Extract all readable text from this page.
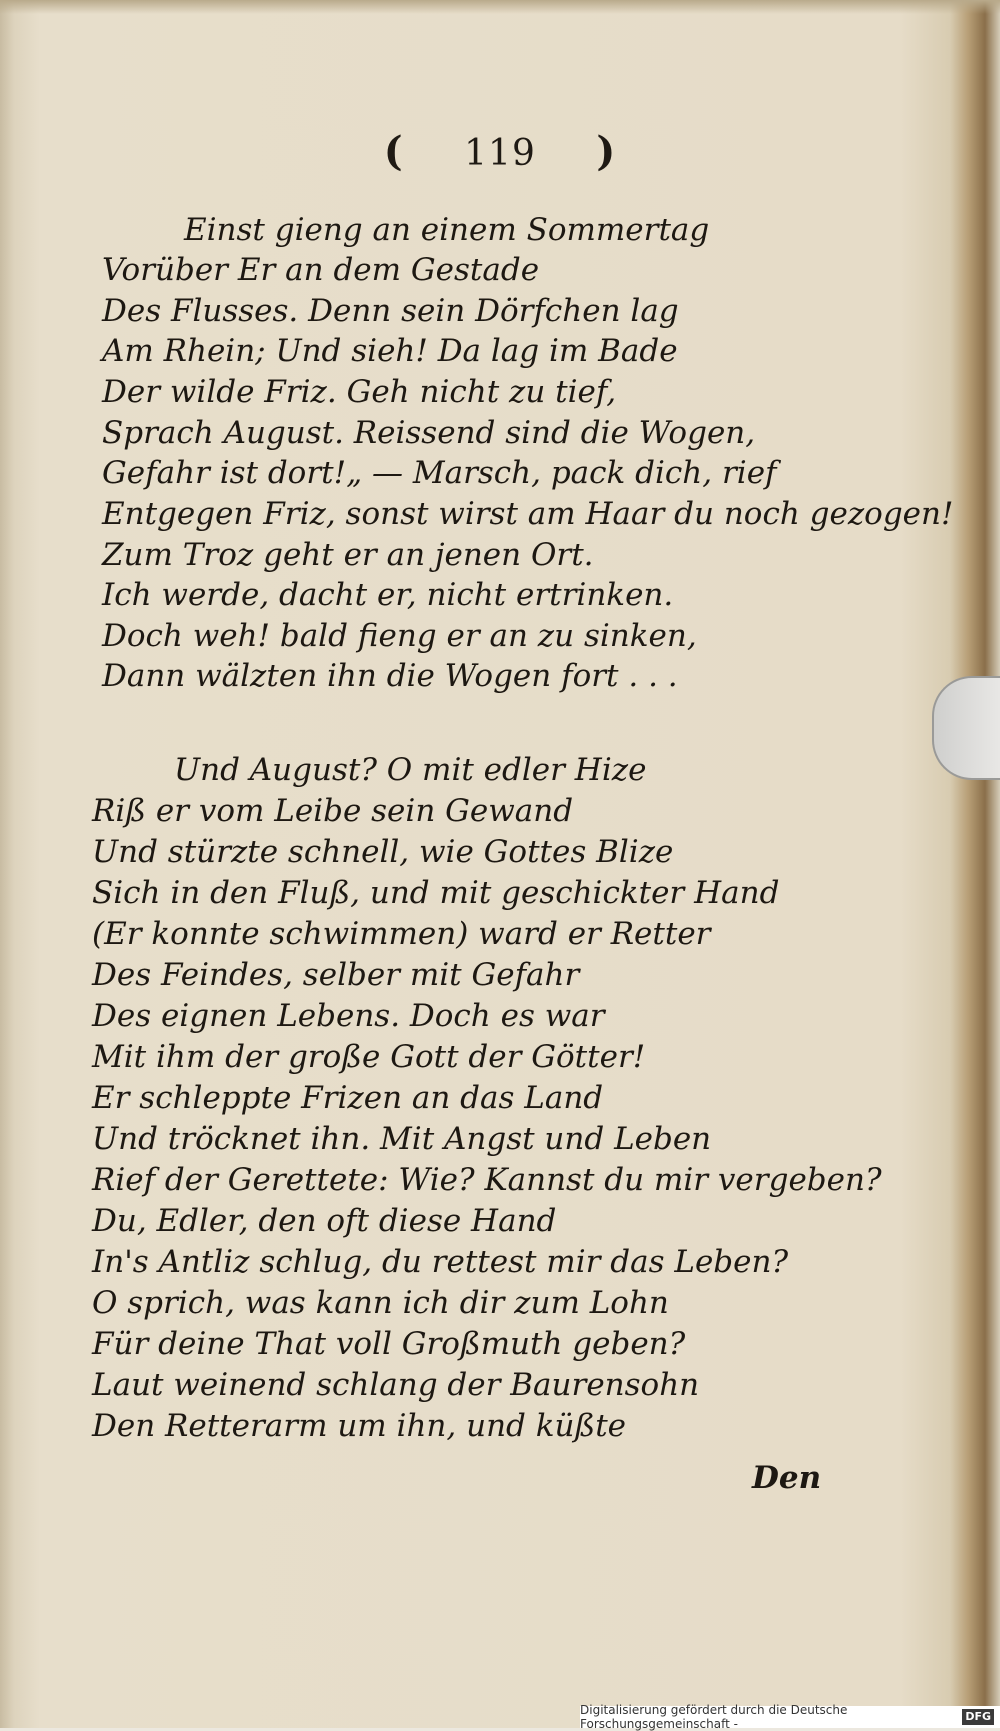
( 119 )
Einst gieng an einem Sommertag
Vorüber Er an dem Gestade
Des Flusses. Denn sein Dörfchen lag
Am Rhein; Und sieh! Da lag im Bade
Der wilde Friz. Geh nicht zu tief,
Sprach August. Reissend sind die Wogen,
Gefahr ist dort!„ — Marsch, pack dich, rief
Entgegen Friz, sonst wirst am Haar du noch gezogen!
Zum Troz geht er an jenen Ort.
Ich werde, dacht er, nicht ertrinken.
Doch weh! bald fieng er an zu sinken,
Dann wälzten ihn die Wogen fort . . .
Und August? O mit edler Hize
Riß er vom Leibe sein Gewand
Und stürzte schnell, wie Gottes Blize
Sich in den Fluß, und mit geschickter Hand
(Er konnte schwimmen) ward er Retter
Des Feindes, selber mit Gefahr
Des eignen Lebens. Doch es war
Mit ihm der große Gott der Götter!
Er schleppte Frizen an das Land
Und tröcknet ihn. Mit Angst und Leben
Rief der Gerettete: Wie? Kannst du mir vergeben?
Du, Edler, den oft diese Hand
In's Antliz schlug, du rettest mir das Leben?
O sprich, was kann ich dir zum Lohn
Für deine That voll Großmuth geben?
Laut weinend schlang der Baurensohn
Den Retterarm um ihn, und küßte
Den
Digitalisierung gefördert durch die Deutsche Forschungsgemeinschaft -
DFG
